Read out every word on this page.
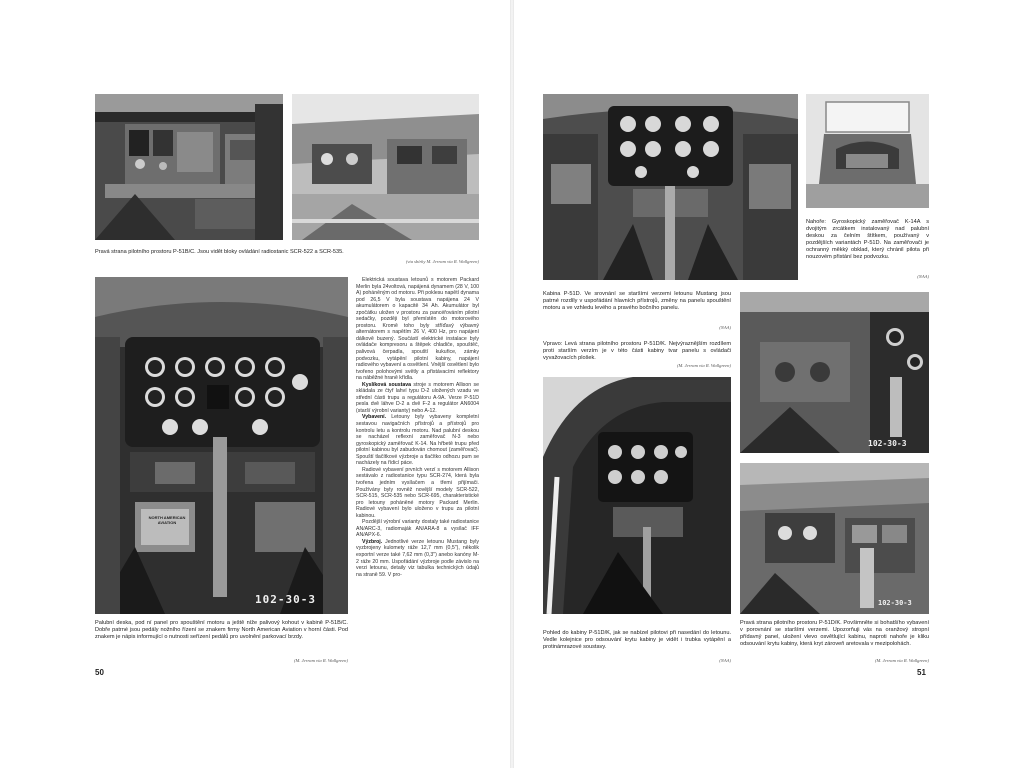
Pravá strana pilotního prostoru P-51B/C. Jsou vidět bloky ovládání radiostanic SCR-522 a SCR-535.

(via sbírky M. Jerram via R. Wallgreen)
NORTH AMERICAN AVIATION
102-30-3

Palubní deska, pod ní panel pro spouštění motoru a ještě níže palivový kohout v kabině P-51B/C. Dobře patrné jsou pedály nožního řízení se znakem firmy North American Aviation v horní části. Pod znakem je nápis informující o nutnosti seřízení pedálů pro uvolnění parkovací brzdy.

(M. Jerram via R. Wallgreen)

Elektrická soustava letounů s motorem Packard Merlin byla 24voltová, napájená dynamem (28 V, 100 A) poháněným od motoru. Při poklesu napětí dynama pod 26,5 V byla soustava napájena 24 V akumulátorem o kapacitě 34 Ah. Akumulátor byl zpočátku uložen v prostoru za pancéřováním pilotní sedačky, později byl přemístěn do motorového prostoru. Kromě toho byly stříďavý výbavný alternátorem s napětím 26 V, 400 Hz, pro napájení dálkově buzený. Součástí elektrické instalace byly ovládače kompresoru a štěpek chladiče, spouštěč, palivová čerpadla, spouští kukuřice, zámky podvozku, vytápění pilotní kabiny, napájení radiového vybavení a osvětlení. Vnější osvětlení bylo tvořeno polohovými světly a přistávacími reflektory na náběžné hraně křídla.

Kyslíková soustava stroje s motorem Allison se skládala ze čtyř lahví typu D-2 uložených vzadu ve střední části trupu a regulátoru A-9A. Verze P-51D pesla dvě láhve D-2 a dvě F-2 a regulátor AN6004 (starší výrobní varianty) nebo A-12.

Vybavení. Letouny byly vybaveny kompletní sestavou navigačních přístrojů a přístrojů pro kontrolu letu a kontrolu motoru. Nad palubní deskou se nacházel reflexní zaměřovač N-3 nebo gyroskopický zaměřovač K-14. Na hřbetě trupu před pilotní kabinou byl zabudován chomout (zaměřovač). Spouští tlačítkové výzbroje a tlačítko odhozu pum se nacházely na řídicí páce.

Radiové vybavení prvních verzí s motorem Allison sestávalo z radiostanice typu SCR-274, která byla tvořena jedním vysílačem a třemi přijímači. Používány byly rovněž novější modely SCR-522, SCR-515, SCR-535 nebo SCR-695, charakteristické pro letouny poháněné motory Packard Merlin. Radiové vybavení bylo uloženo v trupu za pilotní kabinou.

Pozdější výrobní varianty dostaly také radiostanice AN/ARC-3, radiomaják AN/ARA-8 a vysílač IFF AN/APX-6.

Výzbroj. Jednotlivé verze letounu Mustang byly vyzbrojeny kulomety ráže 12,7 mm (0,5"), několik exportní verze také 7,62 mm (0,3") anebo kanóny M-2 ráže 20 mm. Uspořádání výzbroje podle závislo na verzi letounu, detaily viz tabulka technických údajů na straně 59. V pro-

50

Nahoře: Gyroskopický zaměřovač K-14A s dvojitým zrcátkem instalovaný nad palubní deskou za čelním štítkem, používaný v pozdějších variantách P-51D. Na zaměřovači je ochranný měkký obklad, který chránil pilota při nouzovém přistání bez podvozku.

(NAA)

Kabina P-51D. Ve srovnání se staršími verzemi letounu Mustang jsou patrné rozdíly v uspořádání hlavních přístrojů, změny na panelu spouštění motoru a ve vzhledu levého a pravého bočního panelu.

(NAA)

Vpravo: Levá strana pilotního prostoru P-51D/K. Nejvýraznějším rozdílem proti starším verzím je v této části kabiny tvar panelu s ovládači vyvažovacích plošek.

(M. Jerram via R. Wallgreen)
102-30-3
102-30-3

Pohled do kabiny P-51D/K, jak se nabízel pilotovi při nasedání do letounu. Vedle kolejnice pro odsouvání krytu kabiny je vidět i trubka vytápění a protinámrazové soustavy.

(NAA)

Pravá strana pilotního prostoru P-51D/K. Povšimněte si bohatšího vybavení v porovnání se staršími verzemi. Upozorňuji vás na oranžový stropní přídavný panel, uložení vlevo osvětlující kabinu, naproti nahoře je kliku odsouvání krytu kabiny, která kryt zároveň aretovala v mezipolohách.

(M. Jerram via R. Wallgreen)
51
